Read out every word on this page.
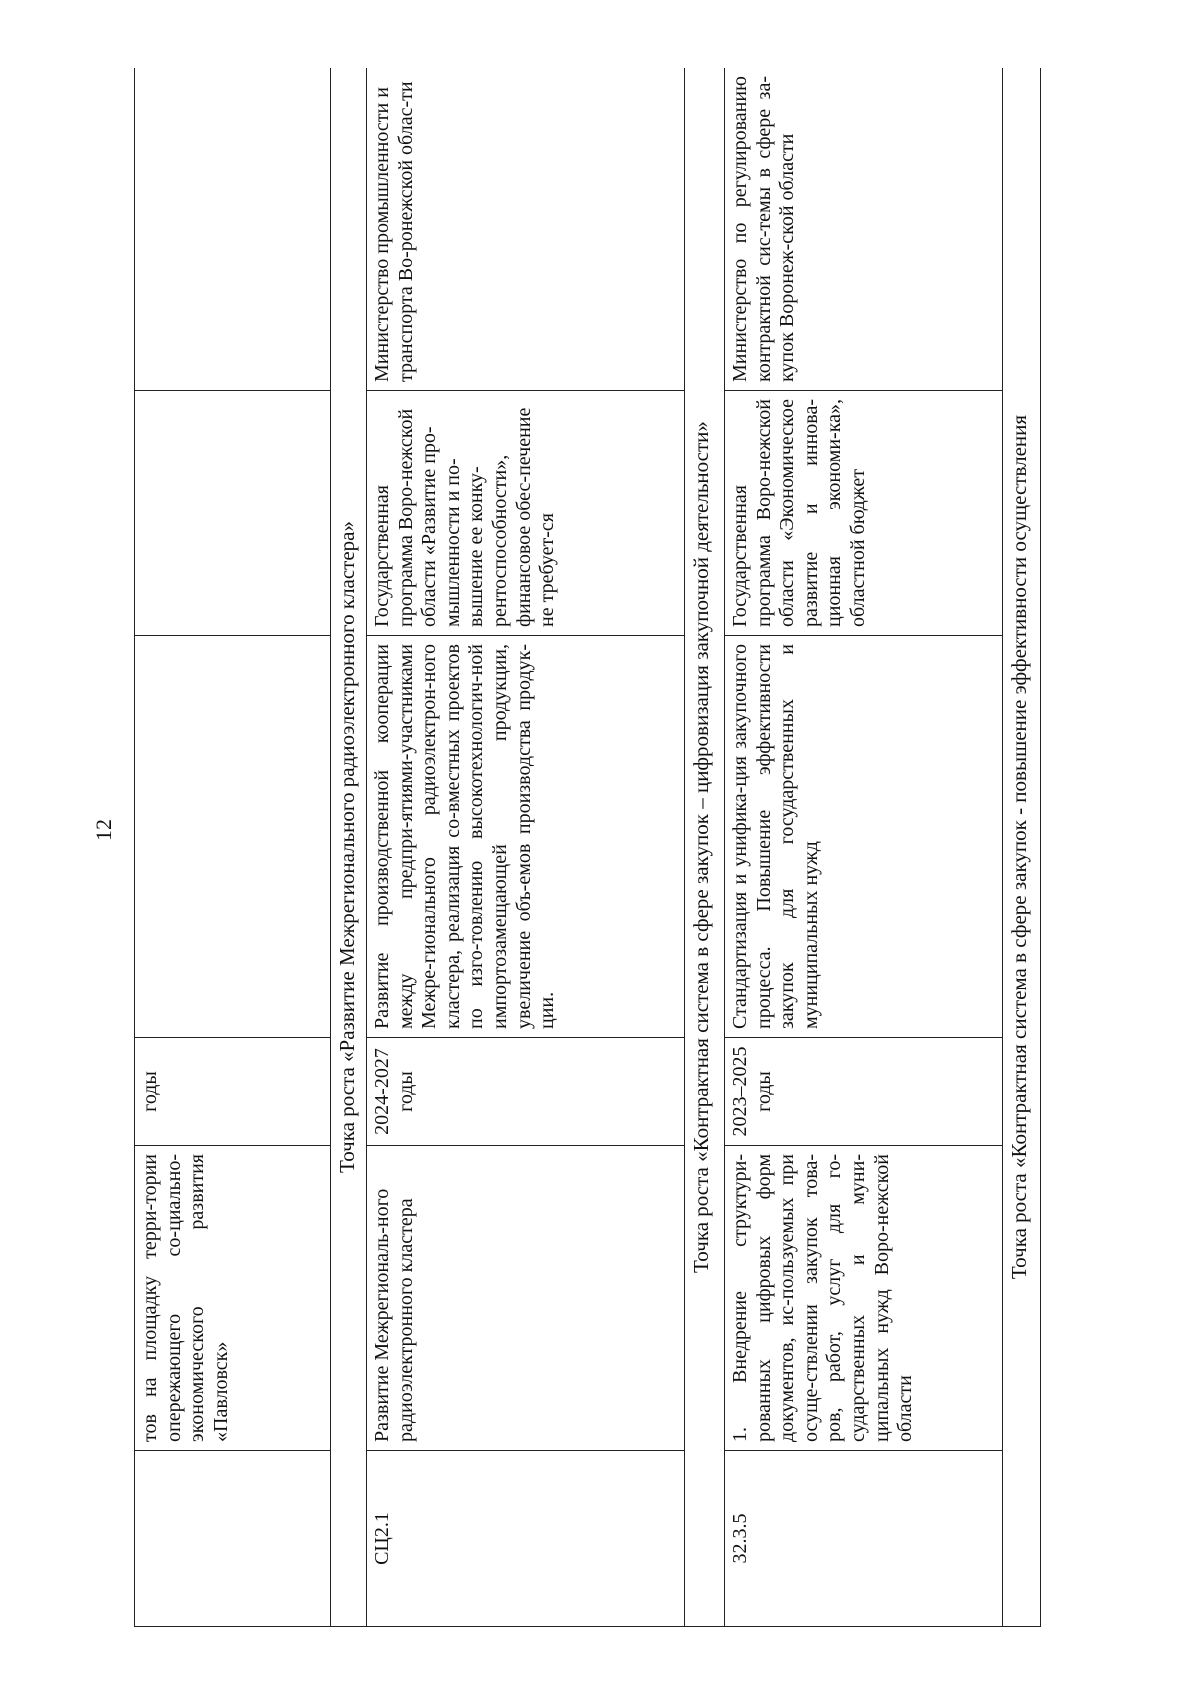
12
	тов на площадку терри-тории опережающего со-циально-экономического развития «Павловск»	годы			
Точка роста «Развитие Межрегионального радиоэлектронного кластера»					
СЦ2.1	Развитие Межрегиональ-ного радиоэлектронного кластера	2024-2027 годы	Развитие производственной кооперации между предпри-ятиями-участниками Межре-гионального радиоэлектрон-ного кластера, реализация со-вместных проектов по изго-товлению высокотехнологич-ной импортозамещающей продукции, увеличение объ-емов производства продук-ции.	Государственная программа Воро-нежской области «Развитие про-мышленности и по-вышение ее конку-рентоспособности», финансовое обес-печение не требует-ся	Министерство промышленности и транспорта Во-ронежской облас-ти
Точка роста «Контрактная система в сфере закупок – цифровизация закупочной деятельности»					
32.3.5	1. Внедрение структури-рованных цифровых форм документов, ис-пользуемых при осуще-ствлении закупок това-ров, работ, услуг для го-сударственных и муни-ципальных нужд Воро-нежской области	2023–2025 годы	Стандартизация и унифика-ция закупочного процесса. Повышение эффективности закупок для государственных и муниципальных нужд	Государственная программа Воро-нежской области «Экономическое развитие и иннова-ционная экономи-ка», областной бюджет	Министерство по регулированию контрактной сис-темы в сфере за-купок Воронеж-ской области
Точка роста «Контрактная система в сфере закупок - повышение эффективности осуществления					
